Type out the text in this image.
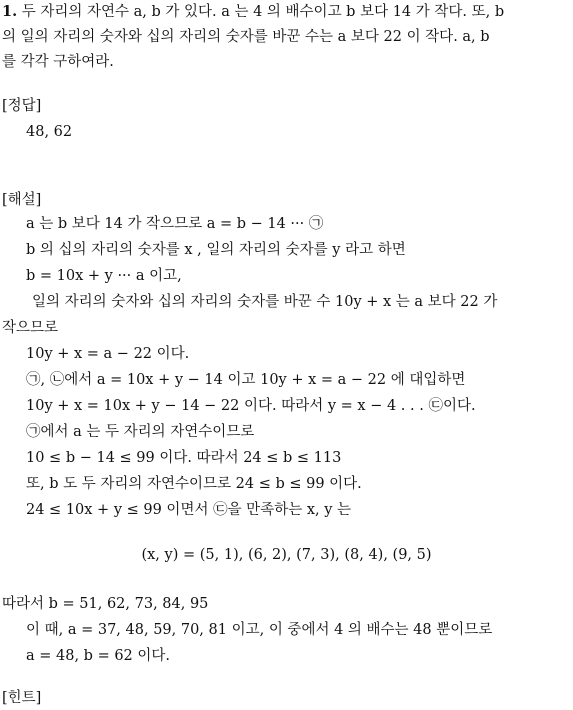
1. 두 자리의 자연수 a, b 가 있다. a 는 4 의 배수이고 b 보다 14 가 작다. 또, b
의 일의 자리의 숫자와 십의 자리의 숫자를 바꾼 수는 a 보다 22 이 작다. a, b
를 각각 구하여라.
[정답]
48, 62
[해설]
a 는 b 보다 14 가 작으므로 a = b − 14 ··· ㉠
b 의 십의 자리의 숫자를 x , 일의 자리의 숫자를 y 라고 하면
b = 10x + y ··· a 이고,
일의 자리의 숫자와 십의 자리의 숫자를 바꾼 수 10y + x 는 a 보다 22 가
작으므로
10y + x = a − 22 이다.
㉠, ㉡에서 a = 10x + y − 14 이고 10y + x = a − 22 에 대입하면
10y + x = 10x + y − 14 − 22 이다. 따라서 y = x − 4 . . . ㉢이다.
㉠에서 a 는 두 자리의 자연수이므로
10 ≤ b − 14 ≤ 99 이다. 따라서 24 ≤ b ≤ 113
또, b 도 두 자리의 자연수이므로 24 ≤ b ≤ 99 이다.
24 ≤ 10x + y ≤ 99 이면서 ㉢을 만족하는 x, y 는
(x, y) = (5, 1), (6, 2), (7, 3), (8, 4), (9, 5)
따라서 b = 51, 62, 73, 84, 95
이 때, a = 37, 48, 59, 70, 81 이고, 이 중에서 4 의 배수는 48 뿐이므로
a = 48, b = 62 이다.
[힌트]
